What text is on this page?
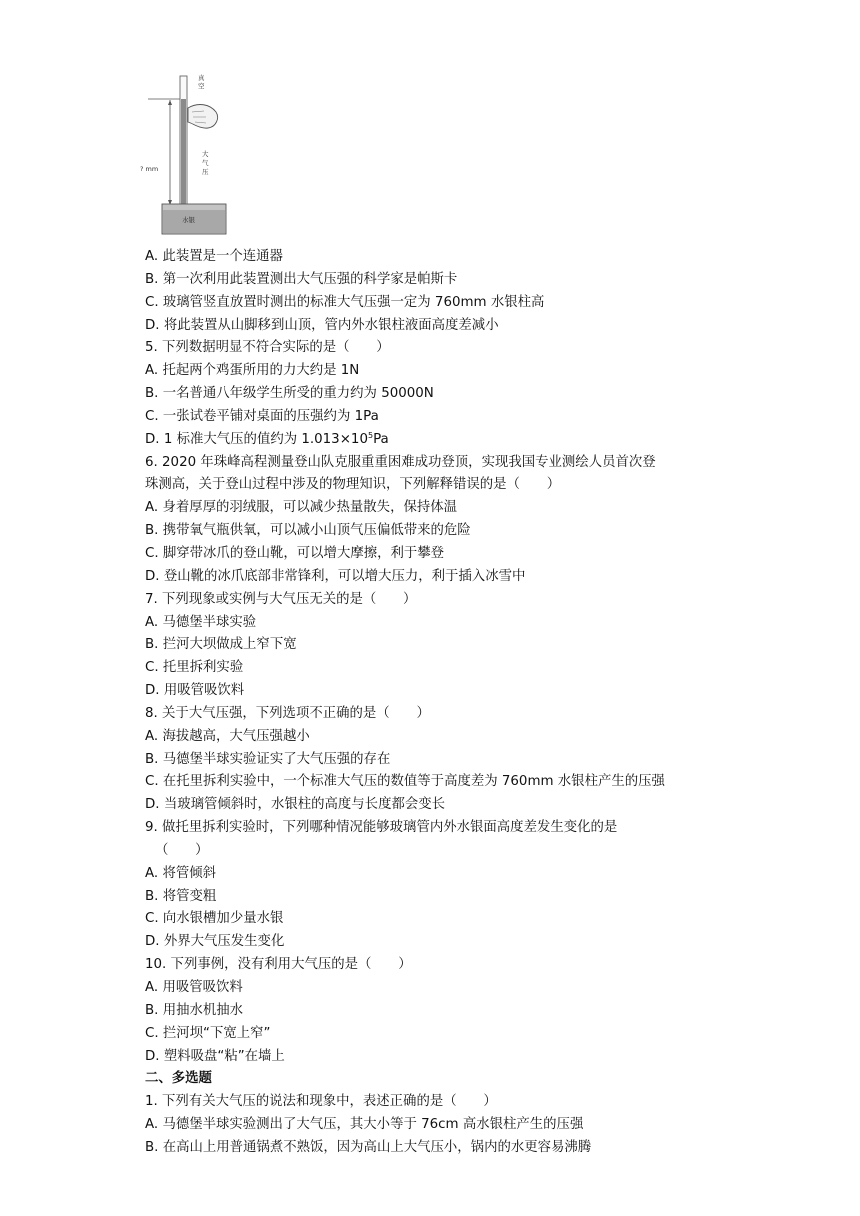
真
空
大
气
压
? mm
水银
A. 此装置是一个连通器
B. 第一次利用此装置测出大气压强的科学家是帕斯卡
C. 玻璃管竖直放置时测出的标准大气压强一定为 760mm 水银柱高
D. 将此装置从山脚移到山顶，管内外水银柱液面高度差减小
5. 下列数据明显不符合实际的是（　　）
A. 托起两个鸡蛋所用的力大约是 1N
B. 一名普通八年级学生所受的重力约为 50000N
C. 一张试卷平铺对桌面的压强约为 1Pa
D. 1 标准大气压的值约为 $1.013\times 10^5Pa$
6. 2020 年珠峰高程测量登山队克服重重困难成功登顶，实现我国专业测绘人员首次登
珠测高，关于登山过程中涉及的物理知识，下列解释错误的是（　　）
A. 身着厚厚的羽绒服，可以减少热量散失，保持体温
B. 携带氧气瓶供氧，可以减小山顶气压偏低带来的危险
C. 脚穿带冰爪的登山靴，可以增大摩擦，利于攀登
D. 登山靴的冰爪底部非常锋利，可以增大压力，利于插入冰雪中
7. 下列现象或实例与大气压无关的是（　　）
A. 马德堡半球实验
B. 拦河大坝做成上窄下宽
C. 托里拆利实验
D. 用吸管吸饮料
8. 关于大气压强，下列选项不正确的是（　　）
A. 海拔越高，大气压强越小
B. 马德堡半球实验证实了大气压强的存在
C. 在托里拆利实验中，一个标准大气压的数值等于高度差为 760mm 水银柱产生的压强
D. 当玻璃管倾斜时，水银柱的高度与长度都会变长
9. 做托里拆利实验时，下列哪种情况能够玻璃管内外水银面高度差发生变化的是
（　　）
A. 将管倾斜
B. 将管变粗
C. 向水银槽加少量水银
D. 外界大气压发生变化
10. 下列事例，没有利用大气压的是（　　）
A. 用吸管吸饮料
B. 用抽水机抽水
C. 拦河坝“下宽上窄”
D. 塑料吸盘“粘”在墙上
二、多选题
1. 下列有关大气压的说法和现象中，表述正确的是（　　）
A. 马德堡半球实验测出了大气压，其大小等于 76cm 高水银柱产生的压强
B. 在高山上用普通锅煮不熟饭，因为高山上大气压小，锅内的水更容易沸腾
